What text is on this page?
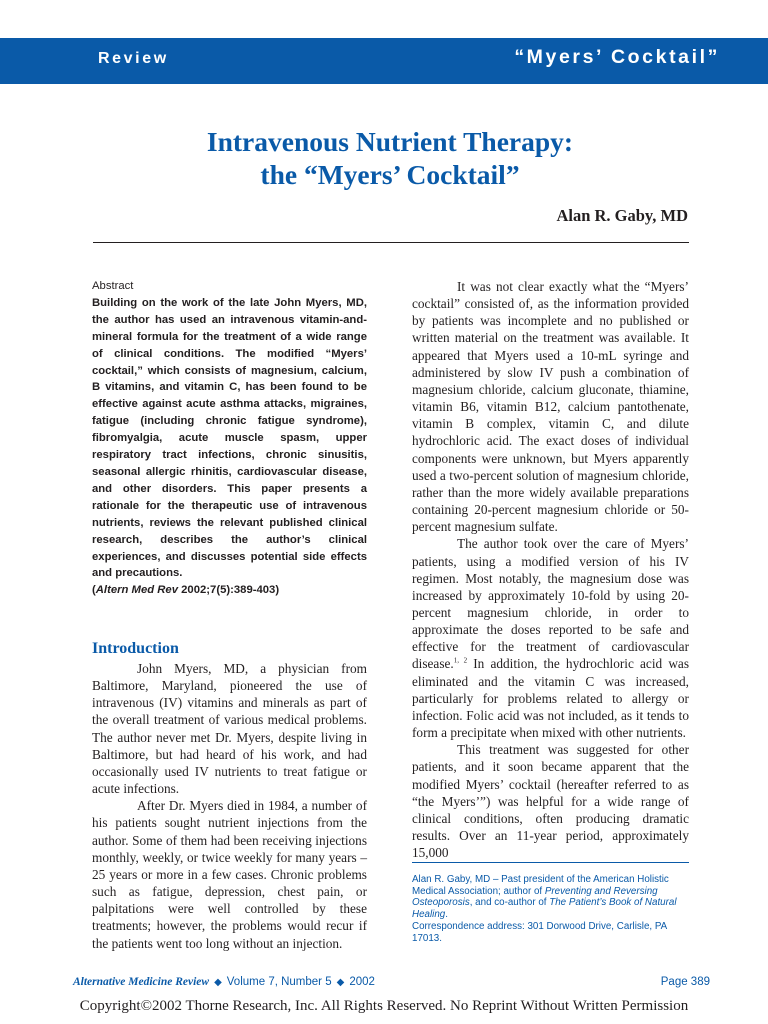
Review	“Myers’ Cocktail”
Intravenous Nutrient Therapy:
the “Myers’ Cocktail”
Alan R. Gaby, MD
Abstract
Building on the work of the late John Myers, MD, the author has used an intravenous vitamin-and-mineral formula for the treatment of a wide range of clinical conditions. The modified “Myers’ cocktail,” which consists of magnesium, calcium, B vitamins, and vitamin C, has been found to be effective against acute asthma attacks, migraines, fatigue (including chronic fatigue syndrome), fibromyalgia, acute muscle spasm, upper respiratory tract infections, chronic sinusitis, seasonal allergic rhinitis, cardiovascular disease, and other disorders. This paper presents a rationale for the therapeutic use of intravenous nutrients, reviews the relevant published clinical research, describes the author’s clinical experiences, and discusses potential side effects and precautions.
(Altern Med Rev 2002;7(5):389-403)
Introduction

John Myers, MD, a physician from Baltimore, Maryland, pioneered the use of intravenous (IV) vitamins and minerals as part of the overall treatment of various medical problems. The author never met Dr. Myers, despite living in Baltimore, but had heard of his work, and had occasionally used IV nutrients to treat fatigue or acute infections.

After Dr. Myers died in 1984, a number of his patients sought nutrient injections from the author. Some of them had been receiving injections monthly, weekly, or twice weekly for many years – 25 years or more in a few cases. Chronic problems such as fatigue, depression, chest pain, or palpitations were well controlled by these treatments; however, the problems would recur if the patients went too long without an injection.

It was not clear exactly what the “Myers’ cocktail” consisted of, as the information provided by patients was incomplete and no published or written material on the treatment was available. It appeared that Myers used a 10-mL syringe and administered by slow IV push a combination of magnesium chloride, calcium gluconate, thiamine, vitamin B6, vitamin B12, calcium pantothenate, vitamin B complex, vitamin C, and dilute hydrochloric acid. The exact doses of individual components were unknown, but Myers apparently used a two-percent solution of magnesium chloride, rather than the more widely available preparations containing 20-percent magnesium chloride or 50-percent magnesium sulfate.

The author took over the care of Myers’ patients, using a modified version of his IV regimen. Most notably, the magnesium dose was increased by approximately 10-fold by using 20-percent magnesium chloride, in order to approximate the doses reported to be safe and effective for the treatment of cardiovascular disease.$^{1, 2}$ In addition, the hydrochloric acid was eliminated and the vitamin C was increased, particularly for problems related to allergy or infection. Folic acid was not included, as it tends to form a precipitate when mixed with other nutrients.

This treatment was suggested for other patients, and it soon became apparent that the modified Myers’ cocktail (hereafter referred to as “the Myers’”) was helpful for a wide range of clinical conditions, often producing dramatic results. Over an 11-year period, approximately 15,000

Alan R. Gaby, MD – Past president of the American Holistic Medical Association; author of Preventing and Reversing Osteoporosis, and co-author of The Patient’s Book of Natural Healing.

Correspondence address: 301 Dorwood Drive, Carlisle, PA 17013.

Alternative Medicine Review ◆ Volume 7, Number 5 ◆ 2002	Page 389
Copyright©2002 Thorne Research, Inc. All Rights Reserved. No Reprint Without Written Permission
